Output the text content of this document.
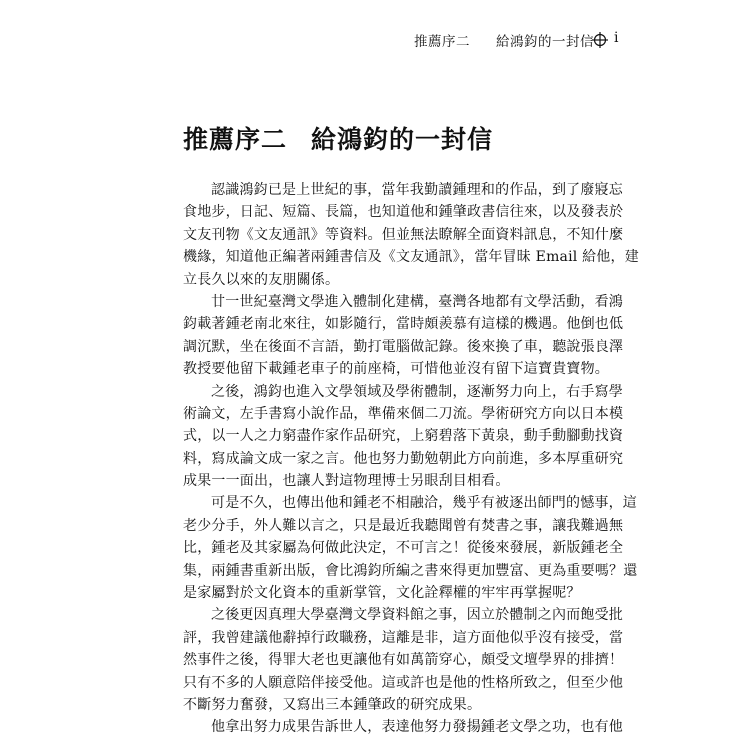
推薦序二 給鴻鈞的一封信 i
推薦序二 給鴻鈞的一封信
認識鴻鈞已是上世紀的事，當年我勤讀鍾理和的作品，到了廢寢忘
食地步，日記、短篇、長篇，也知道他和鍾肇政書信往來，以及發表於
文友刊物《文友通訊》等資料。但並無法瞭解全面資料訊息，不知什麼
機緣，知道他正編著兩鍾書信及《文友通訊》，當年冒昧 Email 給他，建
立長久以來的友朋關係。
廿一世紀臺灣文學進入體制化建構，臺灣各地都有文學活動，看鴻
鈞載著鍾老南北來往，如影隨行，當時頗羨慕有這樣的機遇。他倒也低
調沉默，坐在後面不言語，勤打電腦做記錄。後來換了車，聽說張良澤
教授要他留下載鍾老車子的前座椅，可惜他並沒有留下這寶貴寶物。
之後，鴻鈞也進入文學領域及學術體制，逐漸努力向上，右手寫學
術論文，左手書寫小說作品，準備來個二刀流。學術研究方向以日本模
式，以一人之力窮盡作家作品研究，上窮碧落下黃泉，動手動腳動找資
料，寫成論文成一家之言。他也努力勤勉朝此方向前進，多本厚重研究
成果一一面出，也讓人對這物理博士另眼刮目相看。
可是不久，也傳出他和鍾老不相融洽，幾乎有被逐出師門的憾事，這
老少分手，外人難以言之，只是最近我聽聞曾有焚書之事，讓我難過無
比，鍾老及其家屬為何做此決定，不可言之！從後來發展，新版鍾老全
集，兩鍾書重新出版，會比鴻鈞所編之書來得更加豐富、更為重要嗎？還
是家屬對於文化資本的重新掌管，文化詮釋權的牢牢再掌握呢？
之後更因真理大學臺灣文學資料館之事，因立於體制之內而飽受批
評，我曾建議他辭掉行政職務，這離是非，這方面他似乎沒有接受，當
然事件之後，得罪大老也更讓他有如萬箭穿心，頗受文壇學界的排擠！
只有不多的人願意陪伴接受他。這或許也是他的性格所致之，但至少他
不斷努力奮發，又寫出三本鍾肇政的研究成果。
他拿出努力成果告訴世人，表達他努力發揚鍾老文學之功，也有他
